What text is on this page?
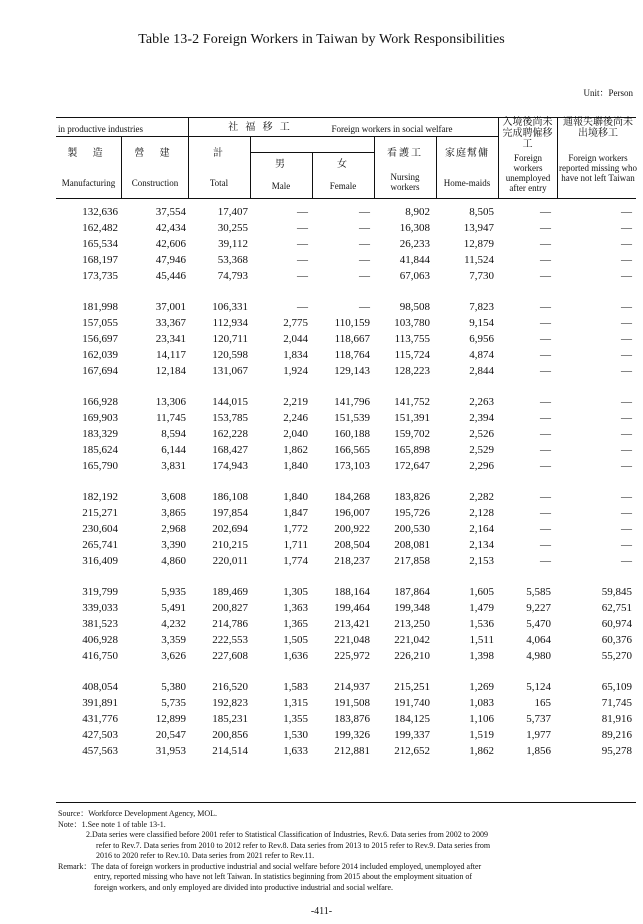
Table 13-2 Foreign Workers in Taiwan by Work Responsibilities
Unit：Person
in productive industries	社 福 移 工	Foreign workers in social welfare
入境後尚未完成聘僱移工
通報失聯後尚未出境移工
製 造	營 建	計
男	女
看護工	家庭幫傭
Manufacturing	Construction	Total	Male	Female
Nursing workers	Home-maids
Foreign workers unemployed after entry
Foreign workers reported missing who have not left Taiwan
132,636	37,554	17,407	—	—	8,902	8,505	—	—
162,482	42,434	30,255	—	—	16,308	13,947	—	—
165,534	42,606	39,112	—	—	26,233	12,879	—	—
168,197	47,946	53,368	—	—	41,844	11,524	—	—
173,735	45,446	74,793	—	—	67,063	7,730	—	—
181,998	37,001	106,331	—	—	98,508	7,823	—	—
157,055	33,367	112,934	2,775	110,159	103,780	9,154	—	—
156,697	23,341	120,711	2,044	118,667	113,755	6,956	—	—
162,039	14,117	120,598	1,834	118,764	115,724	4,874	—	—
167,694	12,184	131,067	1,924	129,143	128,223	2,844	—	—
166,928	13,306	144,015	2,219	141,796	141,752	2,263	—	—
169,903	11,745	153,785	2,246	151,539	151,391	2,394	—	—
183,329	8,594	162,228	2,040	160,188	159,702	2,526	—	—
185,624	6,144	168,427	1,862	166,565	165,898	2,529	—	—
165,790	3,831	174,943	1,840	173,103	172,647	2,296	—	—
182,192	3,608	186,108	1,840	184,268	183,826	2,282	—	—
215,271	3,865	197,854	1,847	196,007	195,726	2,128	—	—
230,604	2,968	202,694	1,772	200,922	200,530	2,164	—	—
265,741	3,390	210,215	1,711	208,504	208,081	2,134	—	—
316,409	4,860	220,011	1,774	218,237	217,858	2,153	—	—
319,799	5,935	189,469	1,305	188,164	187,864	1,605	5,585	59,845
339,033	5,491	200,827	1,363	199,464	199,348	1,479	9,227	62,751
381,523	4,232	214,786	1,365	213,421	213,250	1,536	5,470	60,974
406,928	3,359	222,553	1,505	221,048	221,042	1,511	4,064	60,376
416,750	3,626	227,608	1,636	225,972	226,210	1,398	4,980	55,270
408,054	5,380	216,520	1,583	214,937	215,251	1,269	5,124	65,109
391,891	5,735	192,823	1,315	191,508	191,740	1,083	165	71,745
431,776	12,899	185,231	1,355	183,876	184,125	1,106	5,737	81,916
427,503	20,547	200,856	1,530	199,326	199,337	1,519	1,977	89,216
457,563	31,953	214,514	1,633	212,881	212,652	1,862	1,856	95,278
Source：Workforce Development Agency, MOL.
Note：1.See note 1 of table 13-1.
2.Data series were classified before 2001 refer to Statistical Classification of Industries, Rev.6. Data series from 2002 to 2009
refer to Rev.7. Data series from 2010 to 2012 refer to Rev.8. Data series from 2013 to 2015 refer to Rev.9. Data series from
2016 to 2020 refer to Rev.10. Data series from 2021 refer to Rev.11.
Remark：The data of foreign workers in productive industrial and social welfare before 2014 included employed, unemployed after
entry, reported missing who have not left Taiwan. In statistics beginning from 2015 about the employment situation of
foreign workers, and only employed are divided into productive industrial and social welfare.
-411-
